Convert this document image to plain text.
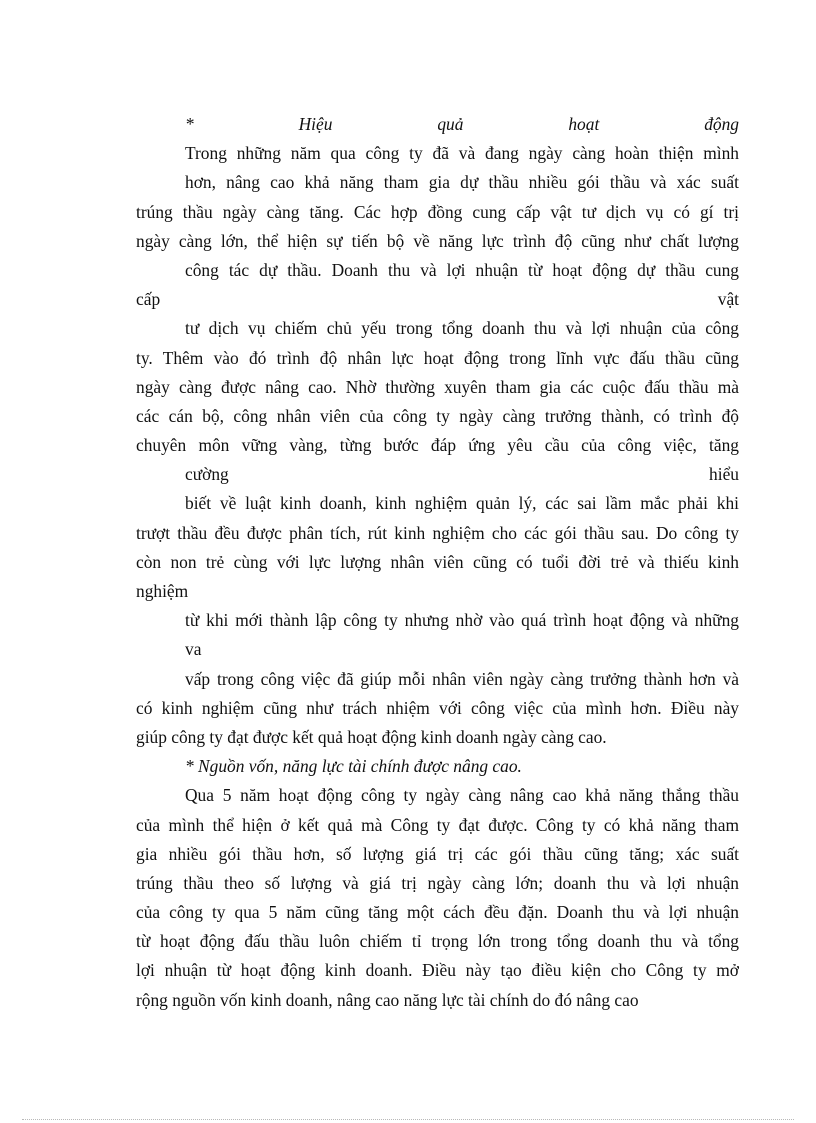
*   Hiệu   quả   hoạt   động
Trong những năm qua công ty đã và đang ngày càng hoàn thiện mình
hơn, nâng cao khả năng tham gia dự thầu nhiều gói thầu và xác suất
trúng thầu ngày càng tăng. Các hợp đồng cung cấp vật tư dịch vụ có gí trị
ngày càng lớn, thể hiện sự tiến bộ về năng lực trình độ cũng như chất lượng
công tác dự thầu. Doanh thu và lợi nhuận từ hoạt động dự thầu cung
cấp vật
tư dịch vụ chiếm chủ yếu trong tổng doanh thu và lợi nhuận của công
ty. Thêm vào đó trình độ nhân lực hoạt động trong lĩnh vực đấu thầu cũng
ngày càng được nâng cao. Nhờ thường xuyên tham gia các cuộc đấu thầu mà
các cán bộ, công nhân viên của công ty ngày càng trưởng thành, có trình độ
chuyên môn vững vàng, từng bước đáp ứng yêu cầu của công việc, tăng
cường hiểu
biết về luật kinh doanh, kinh nghiệm quản lý, các sai lầm mắc phải khi
trượt thầu đều được phân tích, rút kinh nghiệm cho các gói thầu sau. Do công ty
còn non trẻ cùng với lực lượng nhân viên cũng có tuổi đời trẻ và thiếu kinh
nghiệm
từ khi mới thành lập công ty nhưng nhờ vào quá trình hoạt động và những
va
vấp trong công việc đã giúp mỗi nhân viên ngày càng trưởng thành hơn và
có kinh nghiệm cũng như trách nhiệm với công việc của mình hơn. Điều này
giúp công ty đạt được kết quả hoạt động kinh doanh ngày càng cao.
* Nguồn vốn, năng lực tài chính được nâng cao.
Qua 5 năm hoạt động công ty ngày càng nâng cao khả năng thắng thầu
của mình thể hiện ở kết quả mà Công ty đạt được. Công ty có khả năng tham
gia nhiều gói thầu hơn, số lượng giá trị các gói thầu cũng tăng; xác suất
trúng thầu theo số lượng và giá trị ngày càng lớn; doanh thu và lợi nhuận
của công ty qua 5 năm cũng tăng một cách đều đặn. Doanh thu và lợi nhuận
từ hoạt động đấu thầu luôn chiếm tỉ trọng lớn trong tổng doanh thu và tổng
lợi nhuận từ hoạt động kinh doanh. Điều này tạo điều kiện cho Công ty mở
rộng nguồn vốn kinh doanh, nâng cao năng lực tài chính do đó nâng cao
